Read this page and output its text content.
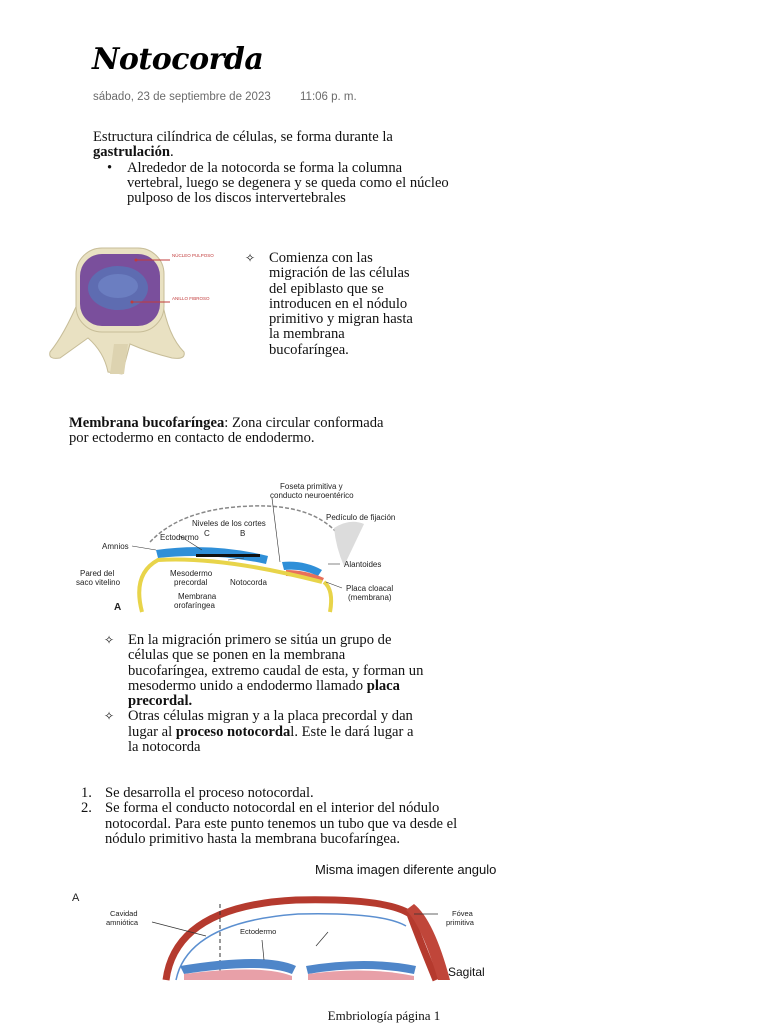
Notocorda
sábado, 23 de septiembre de 2023	11:06 p. m.
Estructura cilíndrica de células, se forma durante la gastrulación.
• Alrededor de la notocorda se forma la columna vertebral, luego se degenera y se queda como el núcleo pulposo de los discos intervertebrales
NÚCLEO PULPOSO
ANILLO FIBROSO
✧ Comienza con las migración de las células del epiblasto que se introducen en el nódulo primitivo y migran hasta la membrana bucofaríngea.
Membrana bucofaríngea: Zona circular conformada por ectodermo en contacto de endodermo.
Foseta primitiva y
conducto neuroentérico
Pedículo de fijación
Niveles de los cortes
C	B
Ectodermo
Amnios
Pared del
saco vitelino
Mesodermo
precordal	Notocorda
Alantoides
Placa cloacal
(membrana)
Membrana
orofaríngea
A
✧ En la migración primero se sitúa un grupo de células que se ponen en la membrana bucofaríngea, extremo caudal de esta, y forman un mesodermo unido a endodermo llamado placa precordal.
✧ Otras células migran y a la placa precordal y dan lugar al proceso notocordal. Este le dará lugar a la notocorda
1. Se desarrolla el proceso notocordal.
2. Se forma el conducto notocordal en el interior del nódulo notocordal. Para este punto tenemos un tubo que va desde el nódulo primitivo hasta la membrana bucofaríngea.
Misma imagen diferente angulo
A
Cavidad
amniótica
Ectodermo
Fóvea
primitiva
Sagital
Embriología página 1
